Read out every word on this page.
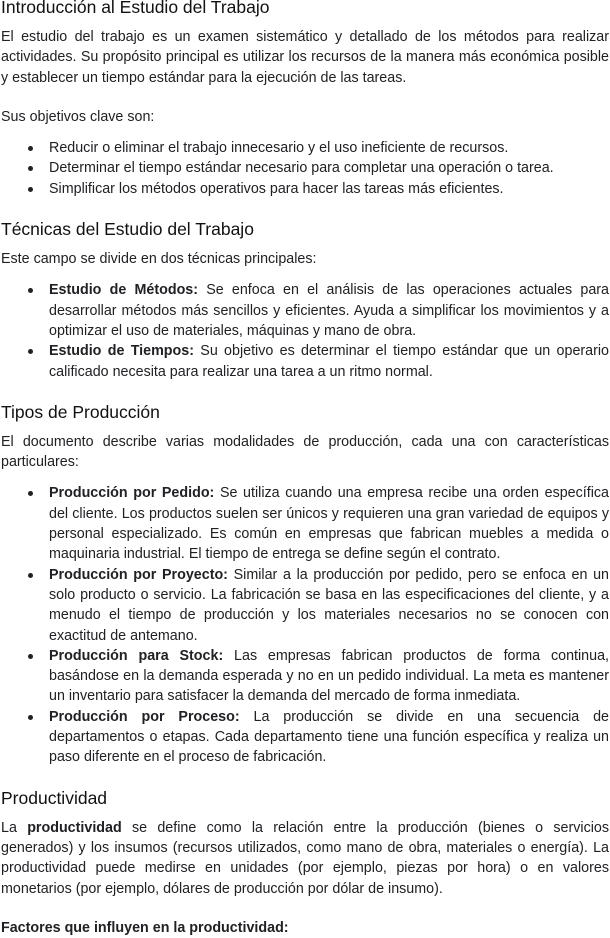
Introducción al Estudio del Trabajo

El estudio del trabajo es un examen sistemático y detallado de los métodos para realizar actividades. Su propósito principal es utilizar los recursos de la manera más económica posible y establecer un tiempo estándar para la ejecución de las tareas.

Sus objetivos clave son:

Reducir o eliminar el trabajo innecesario y el uso ineficiente de recursos.
Determinar el tiempo estándar necesario para completar una operación o tarea.
Simplificar los métodos operativos para hacer las tareas más eficientes.
Técnicas del Estudio del Trabajo

Este campo se divide en dos técnicas principales:

Estudio de Métodos: Se enfoca en el análisis de las operaciones actuales para desarrollar métodos más sencillos y eficientes. Ayuda a simplificar los movimientos y a optimizar el uso de materiales, máquinas y mano de obra.
Estudio de Tiempos: Su objetivo es determinar el tiempo estándar que un operario calificado necesita para realizar una tarea a un ritmo normal.
Tipos de Producción

El documento describe varias modalidades de producción, cada una con características particulares:

Producción por Pedido: Se utiliza cuando una empresa recibe una orden específica del cliente. Los productos suelen ser únicos y requieren una gran variedad de equipos y personal especializado. Es común en empresas que fabrican muebles a medida o maquinaria industrial. El tiempo de entrega se define según el contrato.
Producción por Proyecto: Similar a la producción por pedido, pero se enfoca en un solo producto o servicio. La fabricación se basa en las especificaciones del cliente, y a menudo el tiempo de producción y los materiales necesarios no se conocen con exactitud de antemano.
Producción para Stock: Las empresas fabrican productos de forma continua, basándose en la demanda esperada y no en un pedido individual. La meta es mantener un inventario para satisfacer la demanda del mercado de forma inmediata.
Producción por Proceso: La producción se divide en una secuencia de departamentos o etapas. Cada departamento tiene una función específica y realiza un paso diferente en el proceso de fabricación.
Productividad

La productividad se define como la relación entre la producción (bienes o servicios generados) y los insumos (recursos utilizados, como mano de obra, materiales o energía). La productividad puede medirse en unidades (por ejemplo, piezas por hora) o en valores monetarios (por ejemplo, dólares de producción por dólar de insumo).

Factores que influyen en la productividad:
